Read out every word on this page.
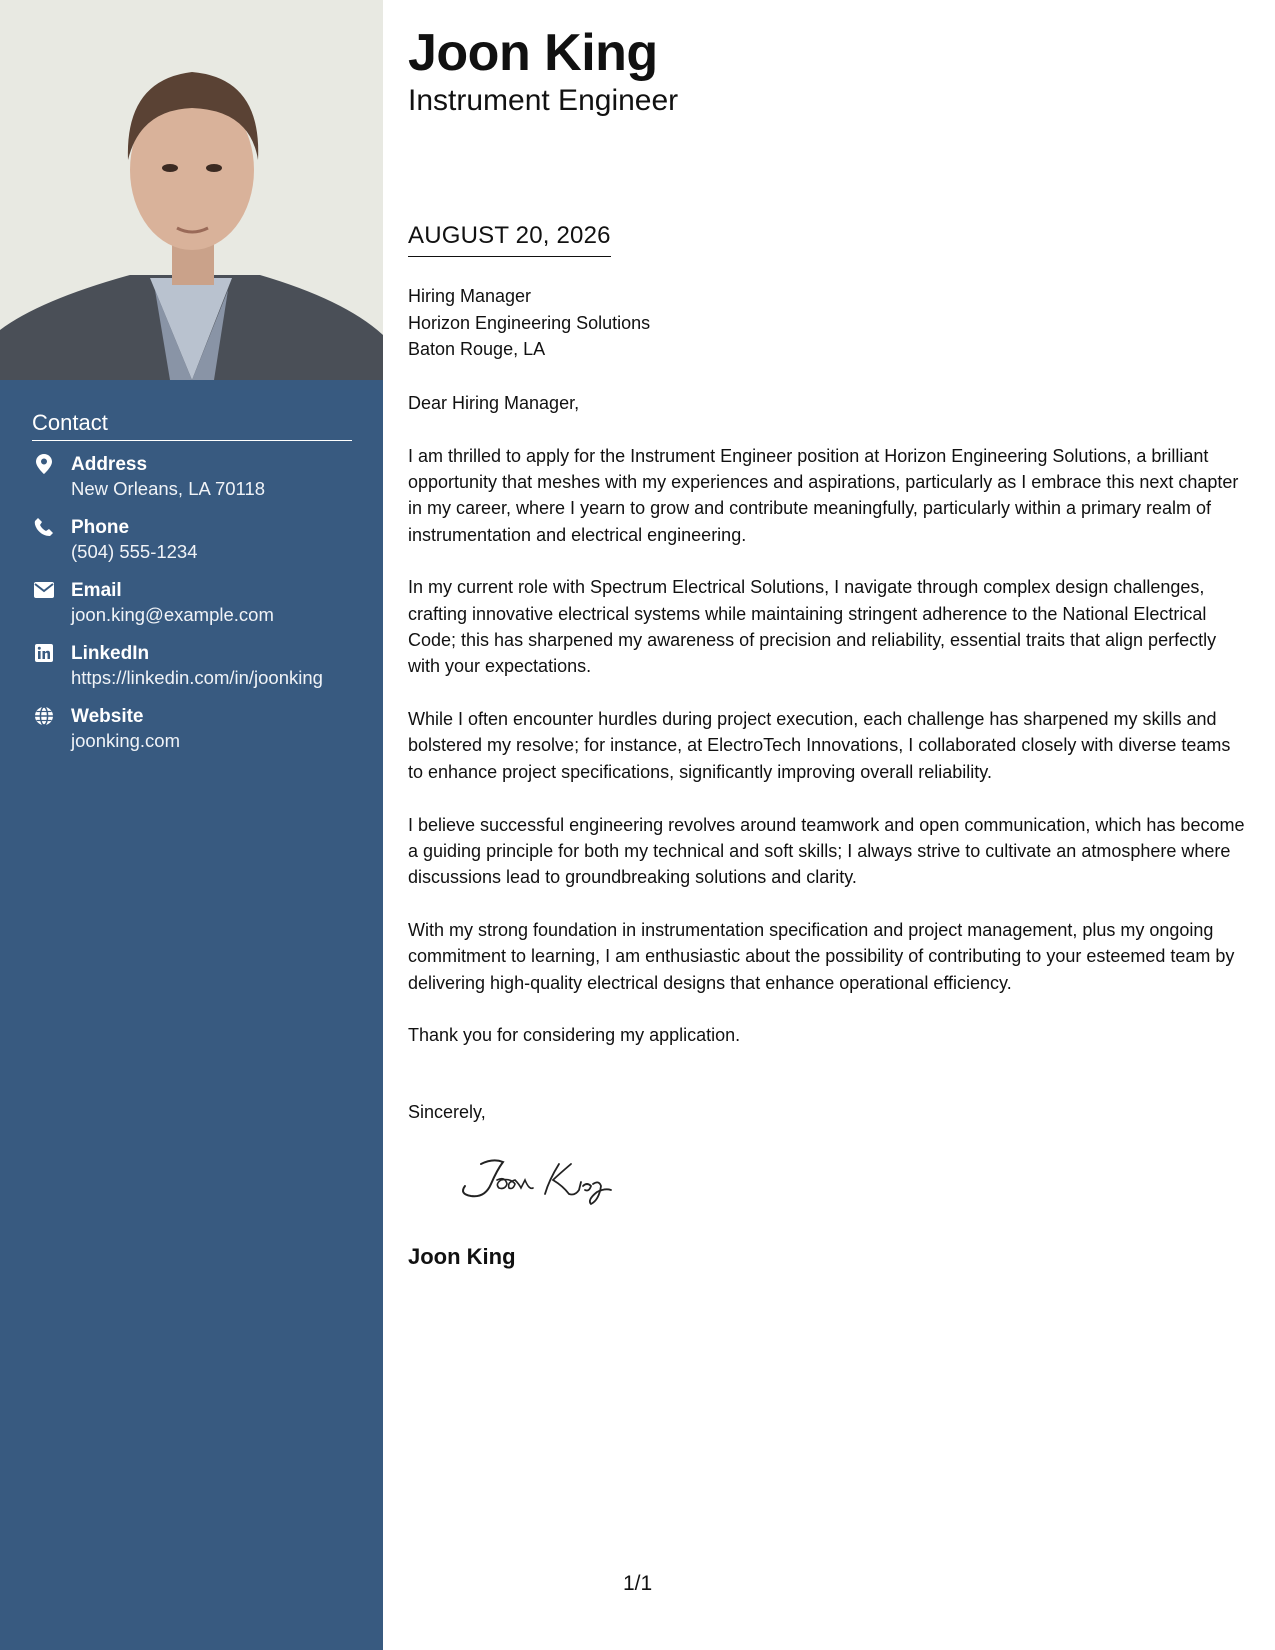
Contact
Address
New Orleans, LA 70118
Phone
(504) 555-1234
Email
joon.king@example.com
LinkedIn
https://linkedin.com/in/joonking
Website
joonking.com
Joon King
Instrument Engineer
AUGUST 20, 2026
Hiring Manager
Horizon Engineering Solutions
Baton Rouge, LA

Dear Hiring Manager,

I am thrilled to apply for the Instrument Engineer position at Horizon Engineering Solutions, a brilliant opportunity that meshes with my experiences and aspirations, particularly as I embrace this next chapter in my career, where I yearn to grow and contribute meaningfully, particularly within a primary realm of instrumentation and electrical engineering.

In my current role with Spectrum Electrical Solutions, I navigate through complex design challenges, crafting innovative electrical systems while maintaining stringent adherence to the National Electrical Code; this has sharpened my awareness of precision and reliability, essential traits that align perfectly with your expectations.

While I often encounter hurdles during project execution, each challenge has sharpened my skills and bolstered my resolve; for instance, at ElectroTech Innovations, I collaborated closely with diverse teams to enhance project specifications, significantly improving overall reliability.

I believe successful engineering revolves around teamwork and open communication, which has become a guiding principle for both my technical and soft skills; I always strive to cultivate an atmosphere where discussions lead to groundbreaking solutions and clarity.

With my strong foundation in instrumentation specification and project management, plus my ongoing commitment to learning, I am enthusiastic about the possibility of contributing to your esteemed team by delivering high-quality electrical designs that enhance operational efficiency.

Thank you for considering my application.

Sincerely,
Joon King
1/1
